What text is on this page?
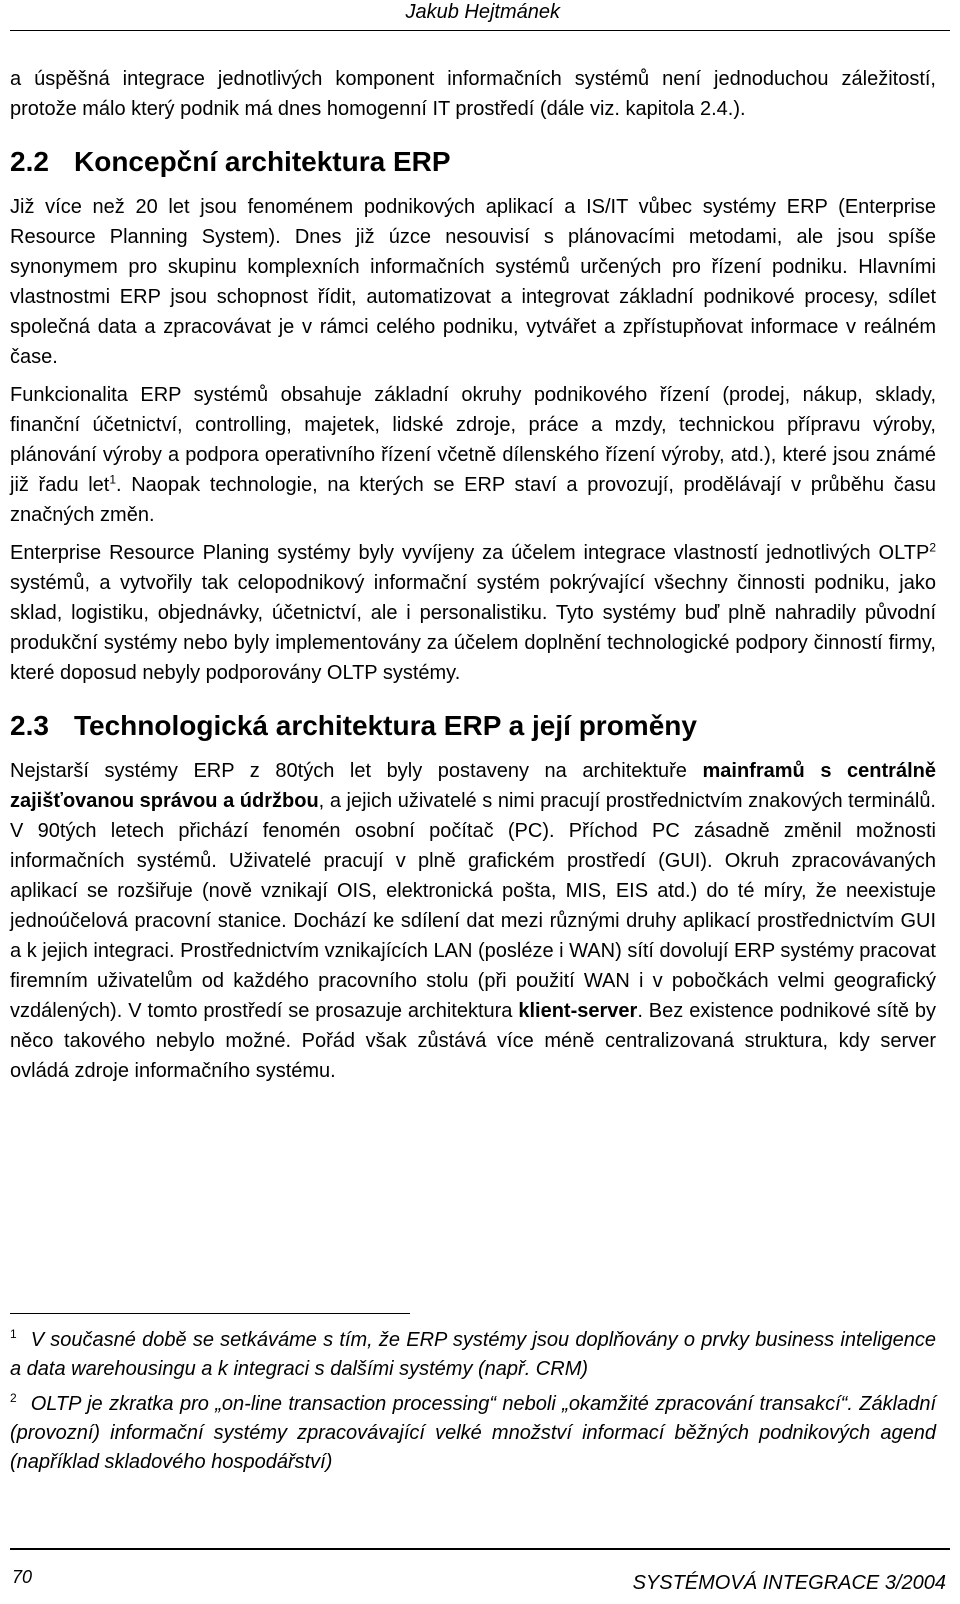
Jakub Hejtmánek

a úspěšná integrace jednotlivých komponent informačních systémů není jednoduchou záležitostí, protože málo který podnik má dnes homogenní IT prostředí (dále viz. kapitola 2.4.).

2.2 Koncepční architektura ERP

Již více než 20 let jsou fenoménem podnikových aplikací a IS/IT vůbec systémy ERP (Enterprise Resource Planning System). Dnes již úzce nesouvisí s plánovacími metodami, ale jsou spíše synonymem pro skupinu komplexních informačních systémů určených pro řízení podniku. Hlavními vlastnostmi ERP jsou schopnost řídit, automatizovat a integrovat základní podnikové procesy, sdílet společná data a zpracovávat je v rámci celého podniku, vytvářet a zpřístupňovat informace v reálném čase.

Funkcionalita ERP systémů obsahuje základní okruhy podnikového řízení (prodej, nákup, sklady, finanční účetnictví, controlling, majetek, lidské zdroje, práce a mzdy, technickou přípravu výroby, plánování výroby a podpora operativního řízení včetně dílenského řízení výroby, atd.), které jsou známé již řadu let$^1$. Naopak technologie, na kterých se ERP staví a provozují, prodělávají v průběhu času značných změn.

Enterprise Resource Planing systémy byly vyvíjeny za účelem integrace vlastností jednotlivých OLTP$^2$ systémů, a vytvořily tak celopodnikový informační systém pokrývající všechny činnosti podniku, jako sklad, logistiku, objednávky, účetnictví, ale i personalistiku. Tyto systémy buď plně nahradily původní produkční systémy nebo byly implementovány za účelem doplnění technologické podpory činností firmy, které doposud nebyly podporovány OLTP systémy.

2.3 Technologická architektura ERP a její proměny

Nejstarší systémy ERP z 80tých let byly postaveny na architektuře mainframů s centrálně zajišťovanou správou a údržbou, a jejich uživatelé s nimi pracují prostřednictvím znakových terminálů. V 90tých letech přichází fenomén osobní počítač (PC). Příchod PC zásadně změnil možnosti informačních systémů. Uživatelé pracují v plně grafickém prostředí (GUI). Okruh zpracovávaných aplikací se rozšiřuje (nově vznikají OIS, elektronická pošta, MIS, EIS atd.) do té míry, že neexistuje jednoúčelová pracovní stanice. Dochází ke sdílení dat mezi různými druhy aplikací prostřednictvím GUI a k jejich integraci. Prostřednictvím vznikajících LAN (posléze i WAN) sítí dovolují ERP systémy pracovat firemním uživatelům od každého pracovního stolu (při použití WAN i v pobočkách velmi geografický vzdálených). V tomto prostředí se prosazuje architektura klient-server. Bez existence podnikové sítě by něco takového nebylo možné. Pořád však zůstává více méně centralizovaná struktura, kdy server ovládá zdroje informačního systému.

$^1$ V současné době se setkáváme s tím, že ERP systémy jsou doplňovány o prvky business inteligence a data warehousingu a k integraci s dalšími systémy (např. CRM)

$^2$ OLTP je zkratka pro „on-line transaction processing“ neboli „okamžité zpracování transakcí“. Základní (provozní) informační systémy zpracovávající velké množství informací běžných podnikových agend (například skladového hospodářství)

70	SYSTÉMOVÁ INTEGRACE 3/2004
